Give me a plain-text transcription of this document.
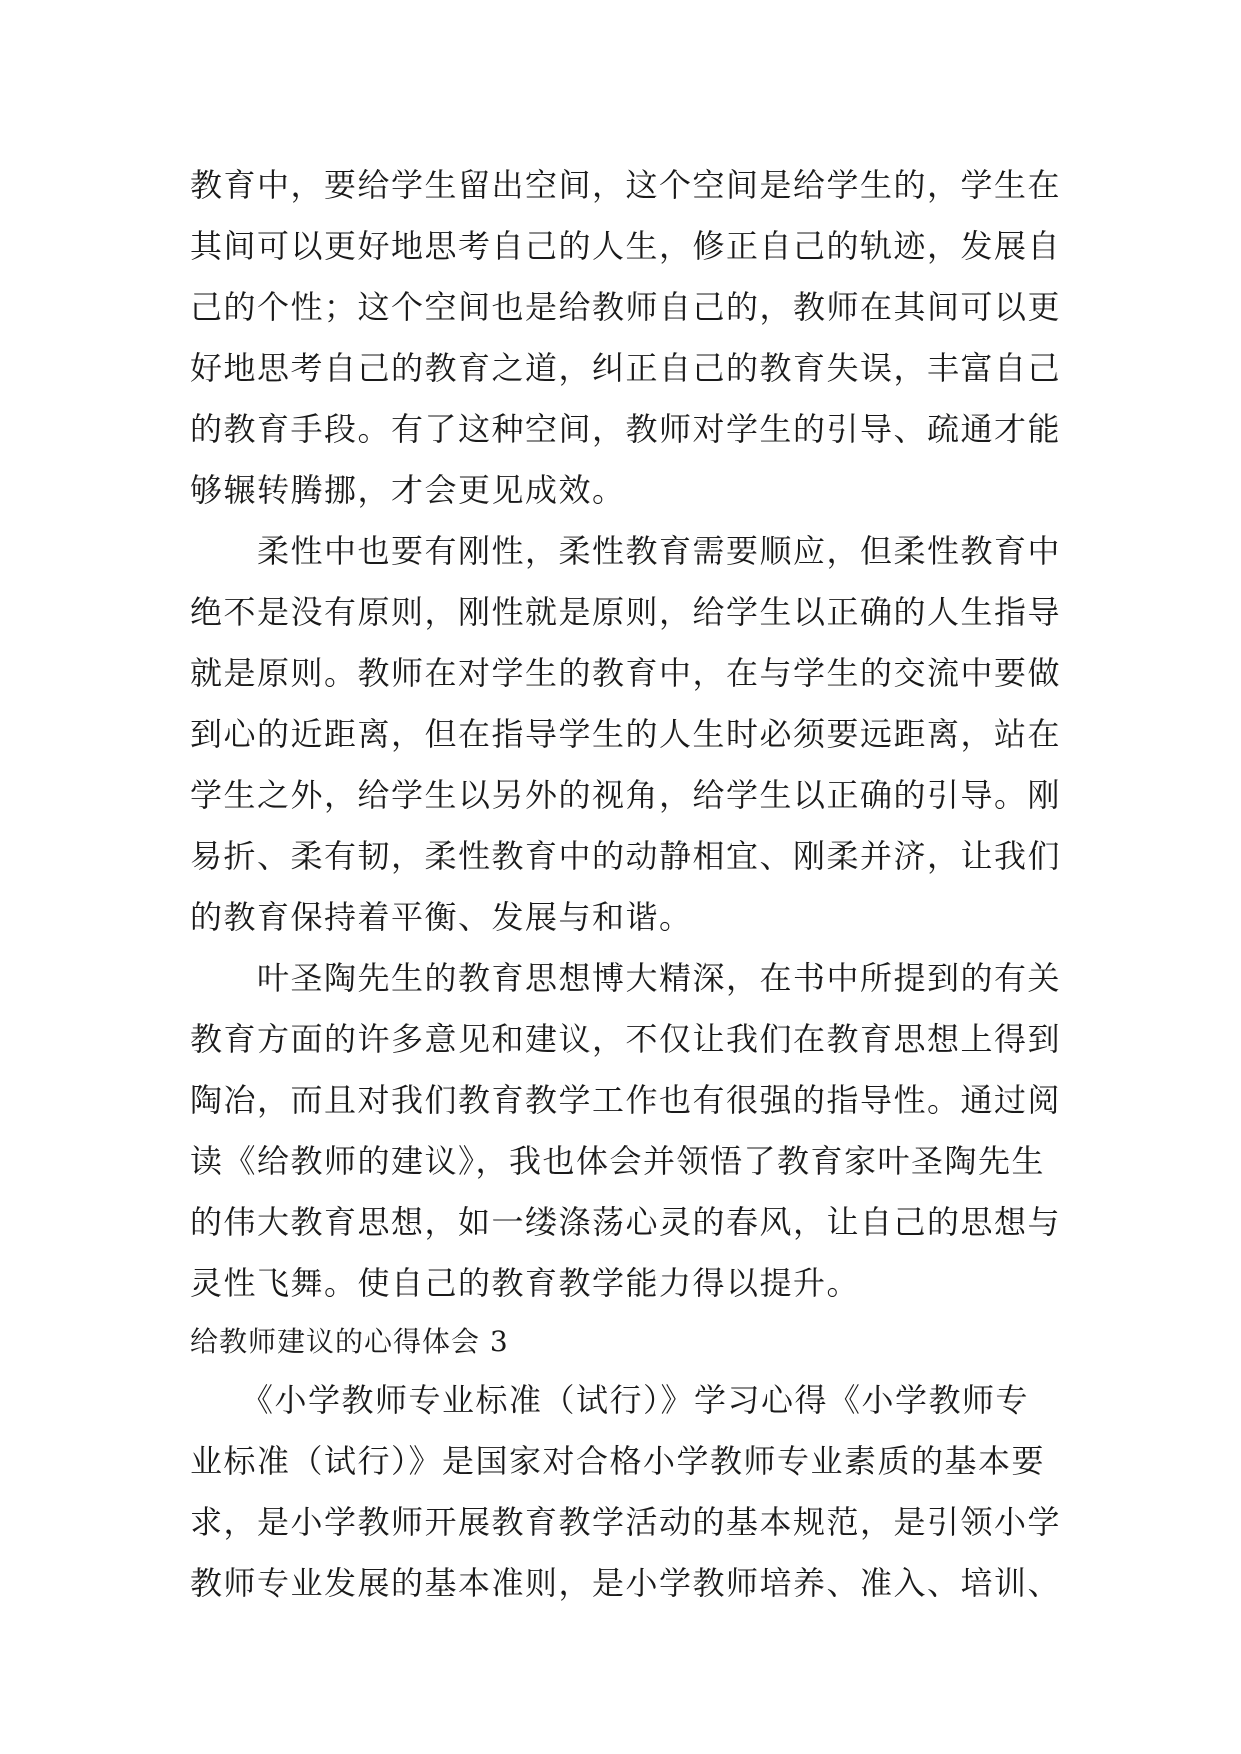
教育中，要给学生留出空间，这个空间是给学生的，学生在
其间可以更好地思考自己的人生，修正自己的轨迹，发展自
己的个性；这个空间也是给教师自己的，教师在其间可以更
好地思考自己的教育之道，纠正自己的教育失误，丰富自己
的教育手段。有了这种空间，教师对学生的引导、疏通才能
够辗转腾挪，才会更见成效。
　　柔性中也要有刚性，柔性教育需要顺应，但柔性教育中
绝不是没有原则，刚性就是原则，给学生以正确的人生指导
就是原则。教师在对学生的教育中，在与学生的交流中要做
到心的近距离，但在指导学生的人生时必须要远距离，站在
学生之外，给学生以另外的视角，给学生以正确的引导。刚
易折、柔有韧，柔性教育中的动静相宜、刚柔并济，让我们
的教育保持着平衡、发展与和谐。
　　叶圣陶先生的教育思想博大精深，在书中所提到的有关
教育方面的许多意见和建议，不仅让我们在教育思想上得到
陶冶，而且对我们教育教学工作也有很强的指导性。通过阅
读《给教师的建议》，我也体会并领悟了教育家叶圣陶先生
的伟大教育思想，如一缕涤荡心灵的春风，让自己的思想与
灵性飞舞。使自己的教育教学能力得以提升。
给教师建议的心得体会 3
　　《小学教师专业标准（试行）》学习心得《小学教师专
业标准（试行）》是国家对合格小学教师专业素质的基本要
求，是小学教师开展教育教学活动的基本规范，是引领小学
教师专业发展的基本准则，是小学教师培养、准入、培训、
